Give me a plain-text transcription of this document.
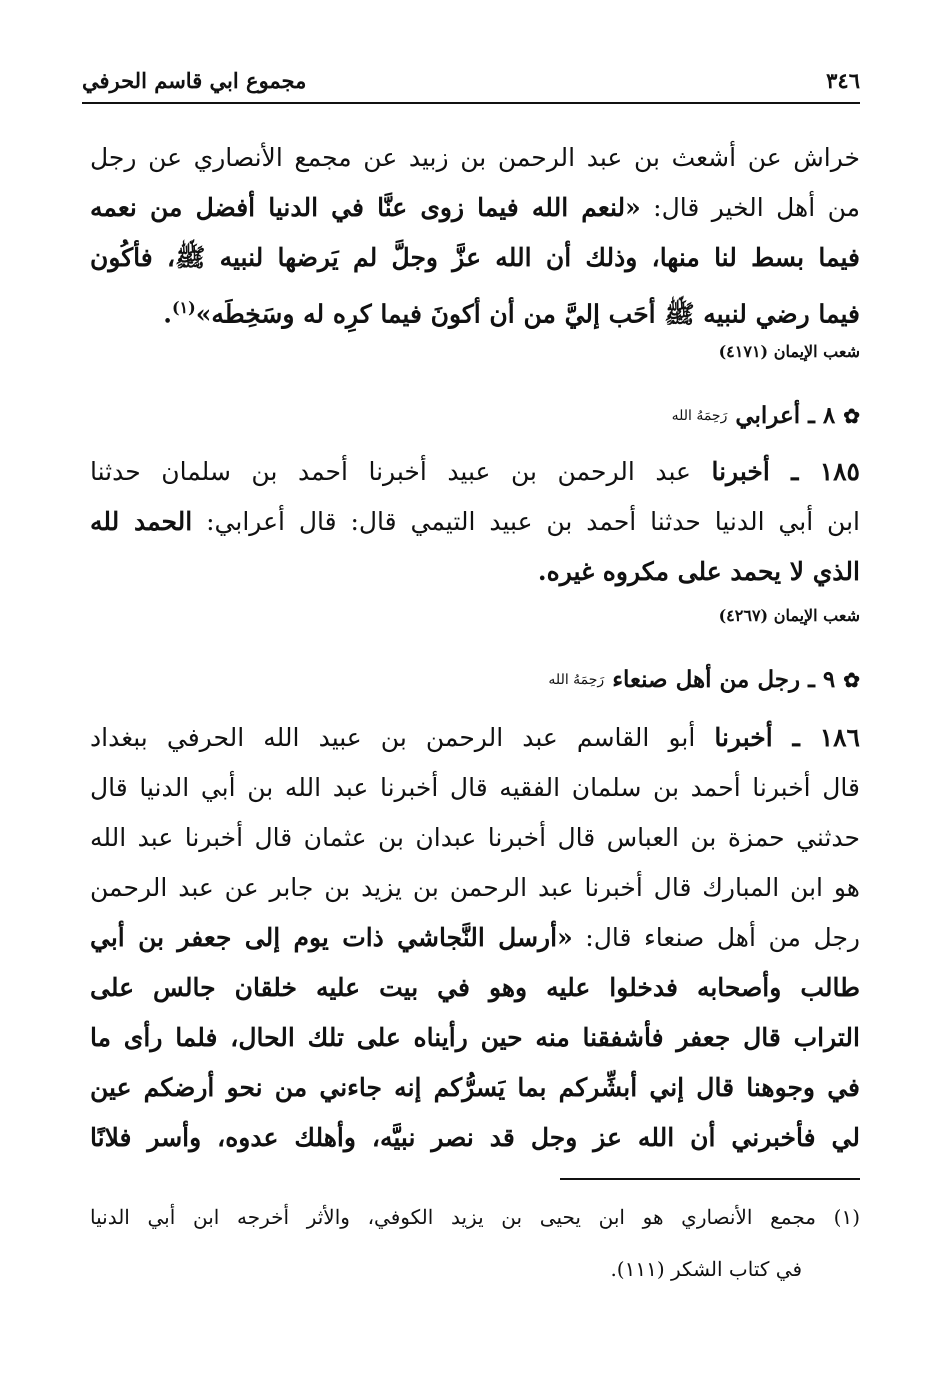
٣٤٦
مجموع ابي قاسم الحرفي
خراش عن أشعث بن عبد الرحمن بن زبيد عن مجمع الأنصاري عن رجل
من أهل الخير قال: «لنعم الله فيما زوى عنَّا في الدنيا أفضل من نعمه
فيما بسط لنا منها، وذلك أن الله عزَّ وجلَّ لم يَرضها لنبيه ﷺ، فأكُون
فيما رضي لنبيه ﷺ أحَب إليَّ من أن أكونَ فيما كرِه له وسَخِطَه»$^{(١)}$.
شعب الإيمان (٤١٧١)
✿
٨ ـ أعرابي
رَحِمَهُ الله
١٨٥ ـ أخبرنا عبد الرحمن بن عبيد أخبرنا أحمد بن سلمان حدثنا
ابن أبي الدنيا حدثنا أحمد بن عبيد التيمي قال: قال أعرابي: الحمد لله
الذي لا يحمد على مكروه غيره.
شعب الإيمان (٤٢٦٧)
✿
٩ ـ رجل من أهل صنعاء
رَحِمَهُ الله
١٨٦ ـ أخبرنا أبو القاسم عبد الرحمن بن عبيد الله الحرفي ببغداد
قال أخبرنا أحمد بن سلمان الفقيه قال أخبرنا عبد الله بن أبي الدنيا قال
حدثني حمزة بن العباس قال أخبرنا عبدان بن عثمان قال أخبرنا عبد الله
هو ابن المبارك قال أخبرنا عبد الرحمن بن يزيد بن جابر عن عبد الرحمن
رجل من أهل صنعاء قال: «أرسل النَّجاشي ذات يوم إلى جعفر بن أبي
طالب وأصحابه فدخلوا عليه وهو في بيت عليه خلقان جالس على
التراب قال جعفر فأشفقنا منه حين رأيناه على تلك الحال، فلما رأى ما
في وجوهنا قال إني أبشِّركم بما يَسرُّكم إنه جاءني من نحو أرضكم عين
لي فأخبرني أن الله عز وجل قد نصر نبيَّه، وأهلك عدوه، وأسر فلانًا
(١) مجمع الأنصاري هو ابن يحيى بن يزيد الكوفي، والأثر أخرجه ابن أبي الدنيا
في كتاب الشكر (١١١).
